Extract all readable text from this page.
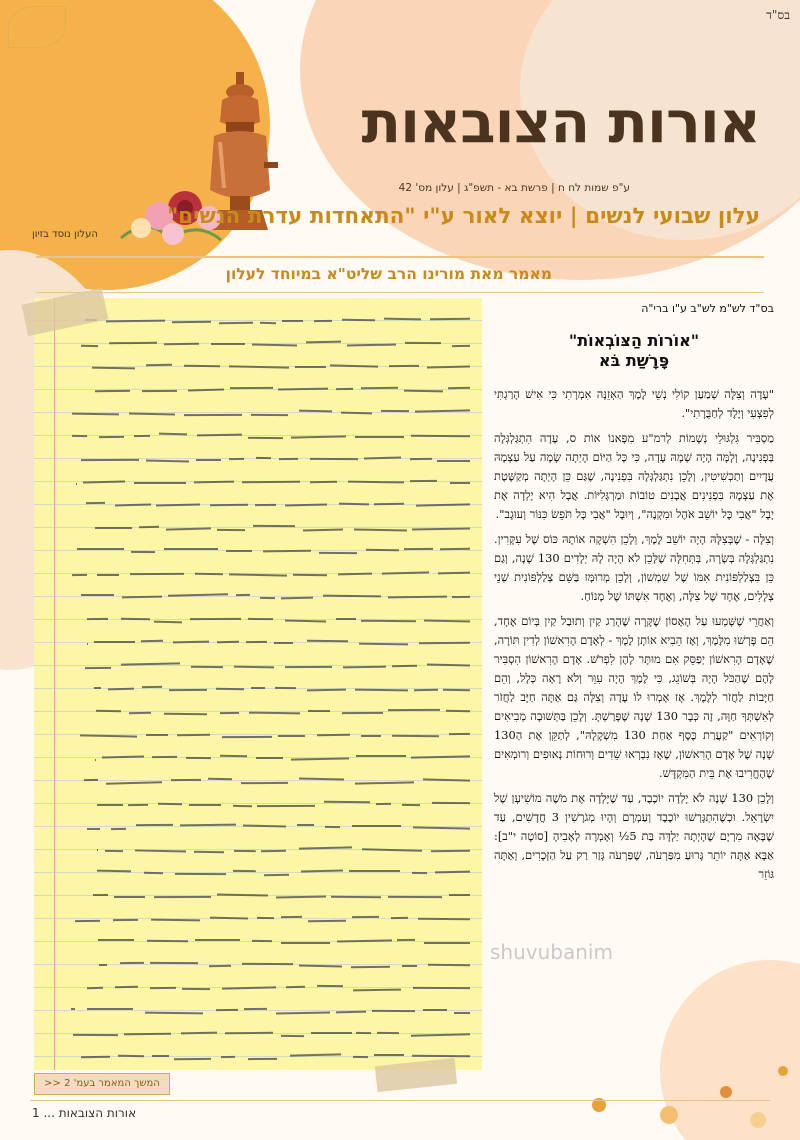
בס"ד
אורות הצובאות
ע"פ שמות לח ח | פרשת בא - תשפ"ג | עלון מס' 42
עלון שבועי לנשים | יוצא לאור ע"י "התאחדות עדרת הנשים"
העלון נוסד בזיון
מאמר מאת מורינו הרב שליט"א במיוחד לעלון
המשך המאמר בעמ' 2 <<
בס"ד לש"מ לש"ב ע"ו ברי"ה
"אוֹרוֹת הַצּוֹבְאוֹת"
פָּרָשַׁת בֹּא

"עָדָה וְצִלָּה שְׁמַעַן קוֹלִי נְשֵׁי לֶמֶךְ הַאְזֵנָּה אִמְרָתִי כִּי אִישׁ הָרַגְתִּי לְפִצְעִי וְיֶלֶד לְחַבֻּרָתִי".

מַסְבִּיר גִּלְגּוּלֵי נְשָׁמוֹת לְרמ"ע מִפָּאנוֹ אוֹת ס, עָדָה הִתְגַּלְגְּלָה בְּפְנִינָה, וְלָמָּה הָיָה שְׁמָהּ עָדָה, כִּי כָּל הַיּוֹם הָיְתָה שָׂמָה עַל עַצְמָהּ עֲדָיִים וְתַכְשִׁיטִין, וְלָכֵן נִתְגַּלְגְּלָה בִּפְנִינָה, שֶׁגַּם כֵּן הָיְתָה מְקַשֶּׁטֶת אֶת עַצְמָהּ בִּפְנִינִים אֲבָנִים טוֹבוֹת וּמַרְגָּלִיּוֹת. אֲבָל הִיא יָלְדָה אֶת יָבָל "אֲבִי כָּל יוֹשֵׁב אֹהֶל וּמִקְנֶה", וְיוּבָל "אֲבִי כָּל תֹּפֵשׂ כִּנּוֹר וְעוּגָב".

וְצִלָּה - שֶׁבְּצִלָּהּ הָיָה יוֹשֵׁב לֶמֶךְ, וְלָכֵן הִשְׁקָה אוֹתָהּ כּוֹס שֶׁל עִקָּרִין. נִתְגַּלְגְּלָה בְּשָׂרָה, בְּתְּחִלָּה שֶׁלָּכֵן לֹא הָיָה לָהּ יְלָדִים 130 שָׁנָה, וְגַם כֵּן בִּצְלַלְפּוֹנִית אִמּוֹ שֶׁל שִׁמְשׁוֹן, וְלָכֵן מְרוּמָּז בַּשֵּׁם צְלַלְפּוֹנִית שְׁנֵי צְלָלִים, אֶחָד שֶׁל צִלָּה, וְאֶחָד אִשְׁתּוֹ שֶׁל מָנוֹחַ.

וְאַחֲרֵי שֶׁשָּׁמְעוּ עַל הָאָסוֹן שֶׁקָּרָה שֶׁהָרַג קַיִן וְתוּבַל קַיִן בְּיוֹם אֶחָד, הֵם פָּרְשׁוּ מִלֶּמֶךְ, וְאָז הֵבִיא אוֹתָן לֶמֶךְ - לְאָדָם הָרִאשׁוֹן לְדִין תּוֹרָה, שֶׁאָדָם הָרִאשׁוֹן יְפַסֵּק אִם מוּתָּר לָהֶן לִפְרֹשׁ. אָדָם הָרִאשׁוֹן הִסְבִּיר לָהֶם שֶׁהַכֹּל הָיָה בְּשׁוֹגֵג, כִּי לֶמֶךְ הָיָה עִוֵּר וְלֹא רָאָה כְּלָל, וְהֵם חַיָּבוֹת לַחֲזֹר לְלֶמֶךְ. אָז אָמְרוּ לוֹ עָדָה וְצִלָּה גַּם אַתָּה חַיָּב לַחֲזֹר לְאִשְׁתְּךָ חַוָּה, זֶה כְּבָר 130 שָׁנָה שֶׁפָּרַשְׁתָּ. וְלָכֵן בַּתְּשׁוּבָה מְבִיאִים וְקוֹרְאִים "קַעֲרַת כֶּסֶף אַחַת 130 מִשְׁקָלָהּ", לְתַקֵּן אֶת הַ130 שָׁנָה שֶׁל אָדָם הָרִאשׁוֹן, שֶׁאָז נִבְרְאוּ שֵׁדִים וְרוּחוֹת נְאוּפִים וְרוּמְאִים שֶׁהֶחֱרִיבוּ אֶת בֵּית הַמִּקְדָּשׁ.

וְלָכֵן 130 שָׁנָה לֹא יָלְדָה יוֹכֶבֶד, עַד שֶׁיָּלְדָה אֶת מֹשֶׁה מוֹשִׁיעָן שֶׁל יִשְׂרָאֵל. וּכְשֶׁהִתְגָּרְשׁוּ יוֹכֶבֶד וְעַמְרָם וְהָיוּ מְגֹרָשִׁין 3 חֳדָשִׁים, עַד שֶׁבָּאָה מִרְיָם שֶׁהָיְתָה יַלְדָּה בַּת 5½ וְאָמְרָה לְאָבִיהָ [סוֹטָה י"ב]: אַבָּא אַתָּה יוֹתֵר גָּרוּעַ מִפַּרְעֹה, שֶׁפַּרְעֹה גָּזַר רַק עַל הַזְּכָרִים, וְאַתָּה גּוֹזֵר

shuvubanim
אורות הצובאות ... 1
